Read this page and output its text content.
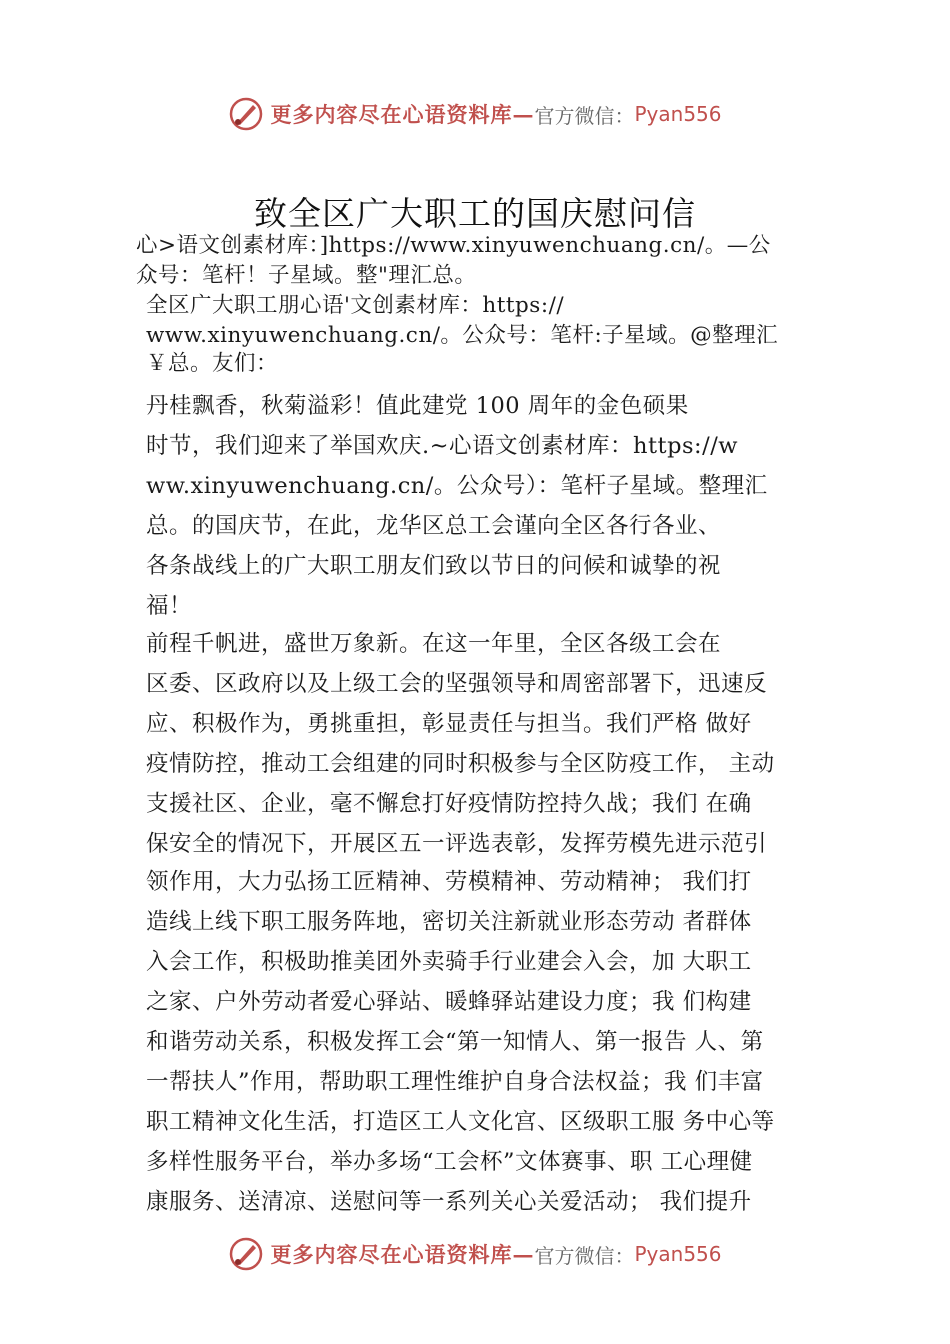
更多内容尽在心语资料库— 官方微信： Pyan556
致全区广大职工的国庆慰问信
心>语文创素材库：]https://www.xinyuwenchuang.cn/。—公
众号：笔杆！子星域。整"理汇总。
全区广大职工朋心语'文创素材库：https://
www.xinyuwenchuang.cn/。公众号：笔杆:子星域。@整理汇
￥总。友们：
丹桂飘香，秋菊溢彩！值此建党 100 周年的金色硕果
时节，我们迎来了举国欢庆.~心语文创素材库：https://w
ww.xinyuwenchuang.cn/。公众号）：笔杆子星域。整理汇
总。的国庆节，在此，龙华区总工会谨向全区各行各业、
各条战线上的广大职工朋友们致以节日的问候和诚挚的祝
福！
前程千帆进，盛世万象新。在这一年里，全区各级工会在
区委、区政府以及上级工会的坚强领导和周密部署下，迅速反
应、积极作为，勇挑重担，彰显责任与担当。我们严格 做好
疫情防控，推动工会组建的同时积极参与全区防疫工作， 主动
支援社区、企业，毫不懈怠打好疫情防控持久战；我们 在确
保安全的情况下，开展区五一评选表彰，发挥劳模先进示范引
领作用，大力弘扬工匠精神、劳模精神、劳动精神； 我们打
造线上线下职工服务阵地，密切关注新就业形态劳动 者群体
入会工作，积极助推美团外卖骑手行业建会入会，加 大职工
之家、户外劳动者爱心驿站、暖蜂驿站建设力度；我 们构建
和谐劳动关系，积极发挥工会“第一知情人、第一报告 人、第
一帮扶人”作用，帮助职工理性维护自身合法权益；我 们丰富
职工精神文化生活，打造区工人文化宫、区级职工服 务中心等
多样性服务平台，举办多场“工会杯”文体赛事、职 工心理健
康服务、送清凉、送慰问等一系列关心关爱活动； 我们提升
更多内容尽在心语资料库— 官方微信： Pyan556
